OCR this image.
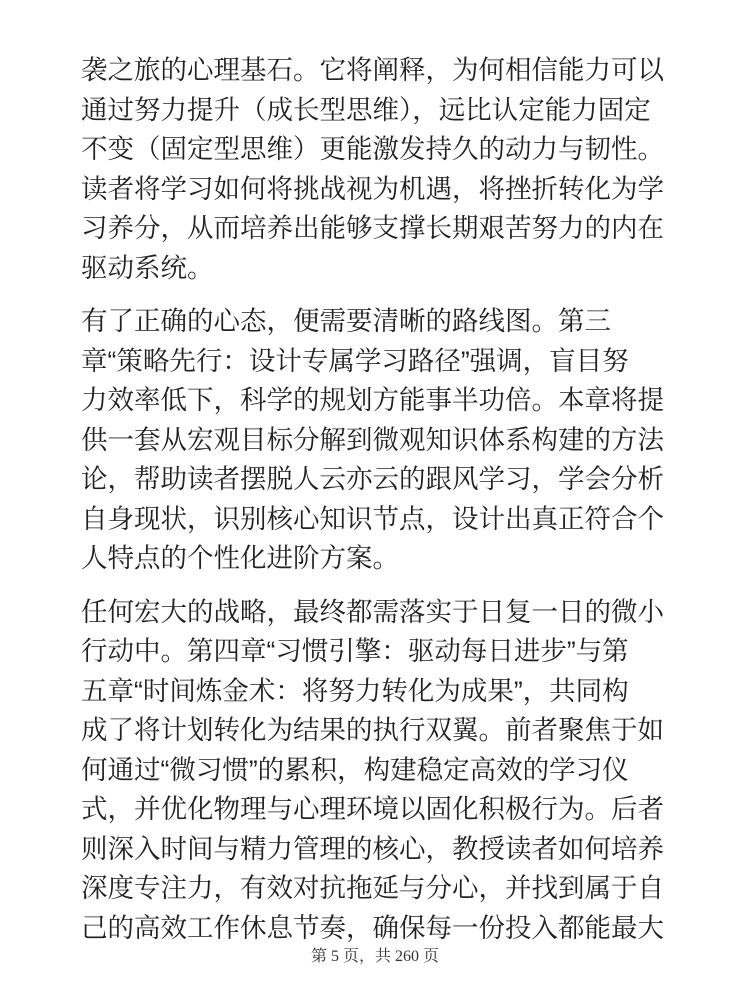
袭之旅的心理基石。它将阐释，为何相信能力可以
通过努力提升（成长型思维），远比认定能力固定
不变（固定型思维）更能激发持久的动力与韧性。
读者将学习如何将挑战视为机遇，将挫折转化为学
习养分，从而培养出能够支撑长期艰苦努力的内在
驱动系统。

有了正确的心态，便需要清晰的路线图。第三
章“策略先行：设计专属学习路径”强调，盲目努
力效率低下，科学的规划方能事半功倍。本章将提
供一套从宏观目标分解到微观知识体系构建的方法
论，帮助读者摆脱人云亦云的跟风学习，学会分析
自身现状，识别核心知识节点，设计出真正符合个
人特点的个性化进阶方案。

任何宏大的战略，最终都需落实于日复一日的微小
行动中。第四章“习惯引擎：驱动每日进步”与第
五章“时间炼金术：将努力转化为成果”，共同构
成了将计划转化为结果的执行双翼。前者聚焦于如
何通过“微习惯”的累积，构建稳定高效的学习仪
式，并优化物理与心理环境以固化积极行为。后者
则深入时间与精力管理的核心，教授读者如何培养
深度专注力，有效对抗拖延与分心，并找到属于自
己的高效工作休息节奏，确保每一份投入都能最大

第 5 页，共 260 页
